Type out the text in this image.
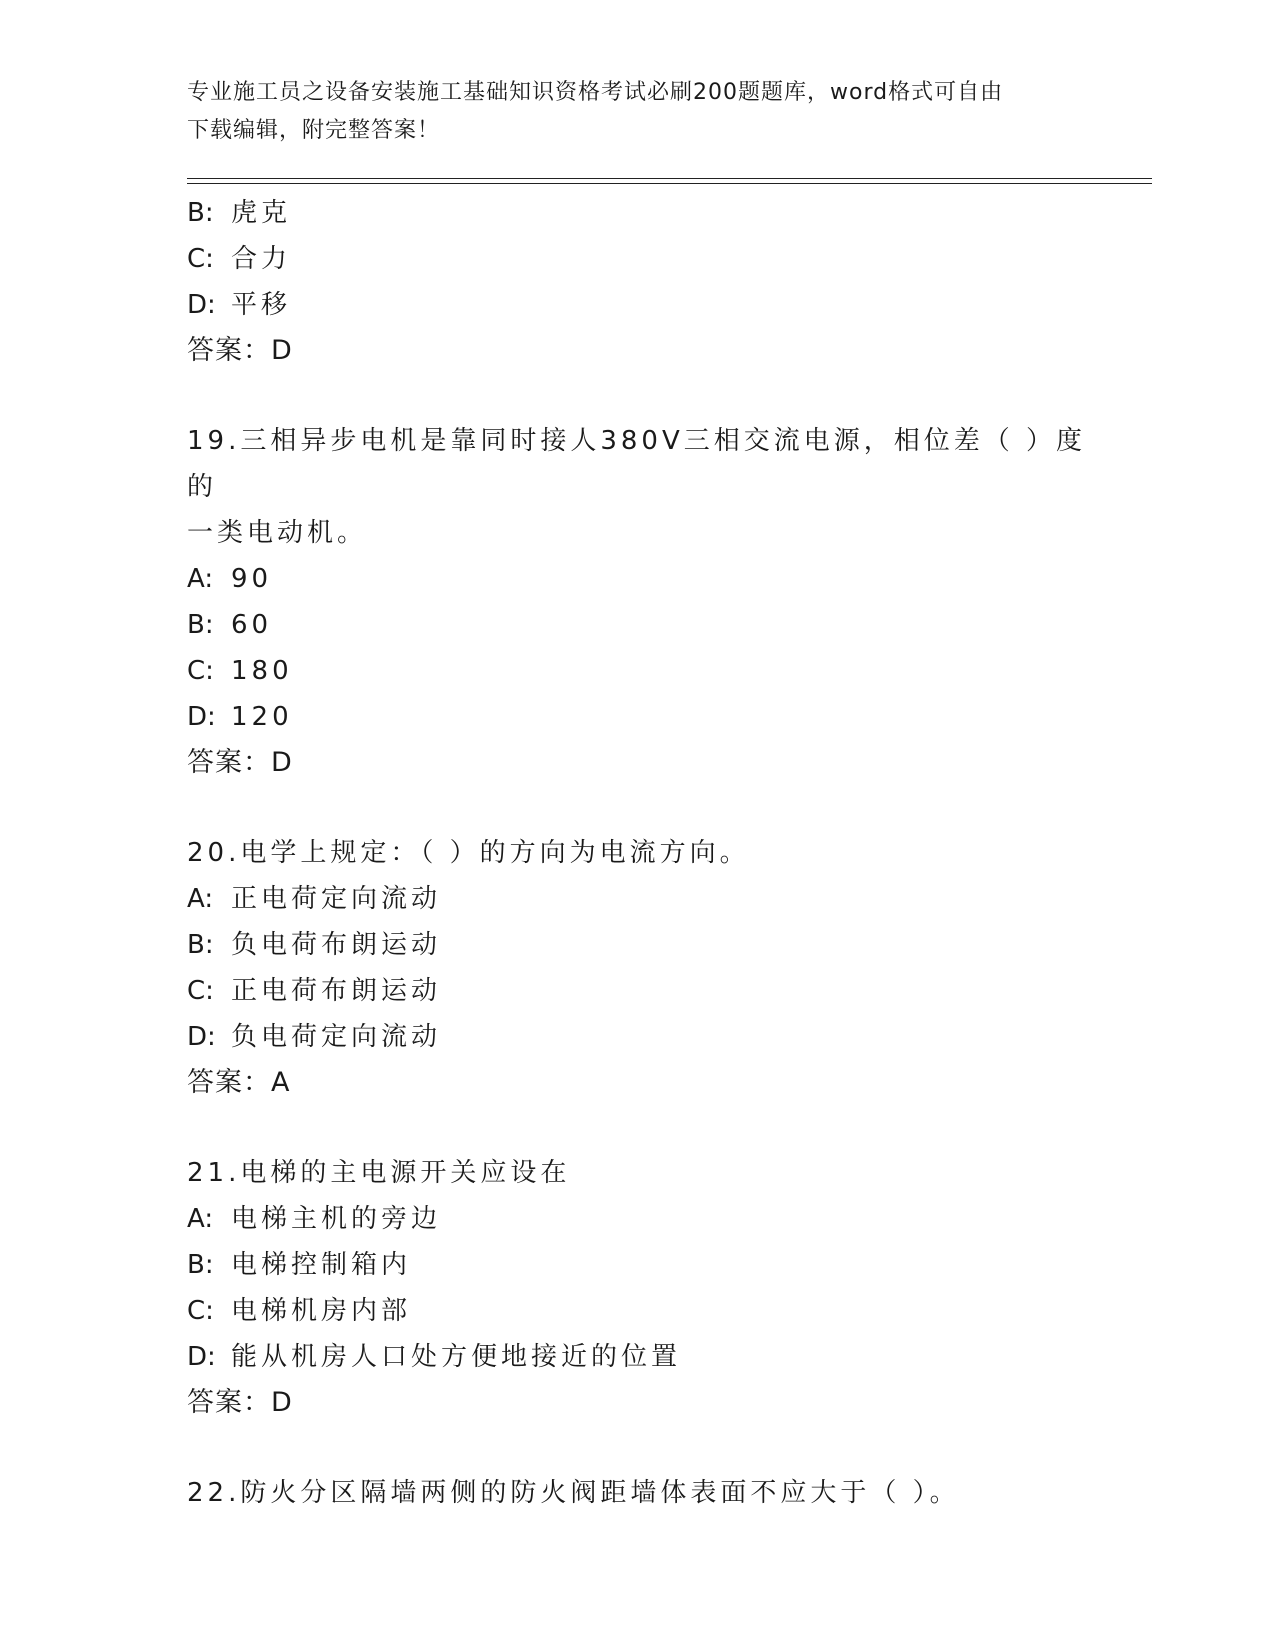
专业施工员之设备安装施工基础知识资格考试必刷200题题库，word格式可自由
下载编辑，附完整答案！
B: 虎克
C: 合力
D: 平移
答案：D
19.三相异步电机是靠同时接人380V三相交流电源，相位差（ ）度的
一类电动机。
A: 90
B: 60
C: 180
D: 120
答案：D
20.电学上规定：（ ）的方向为电流方向。
A: 正电荷定向流动
B: 负电荷布朗运动
C: 正电荷布朗运动
D: 负电荷定向流动
答案：A
21.电梯的主电源开关应设在
A: 电梯主机的旁边
B: 电梯控制箱内
C: 电梯机房内部
D: 能从机房人口处方便地接近的位置
答案：D
22.防火分区隔墙两侧的防火阀距墙体表面不应大于（ ）。
